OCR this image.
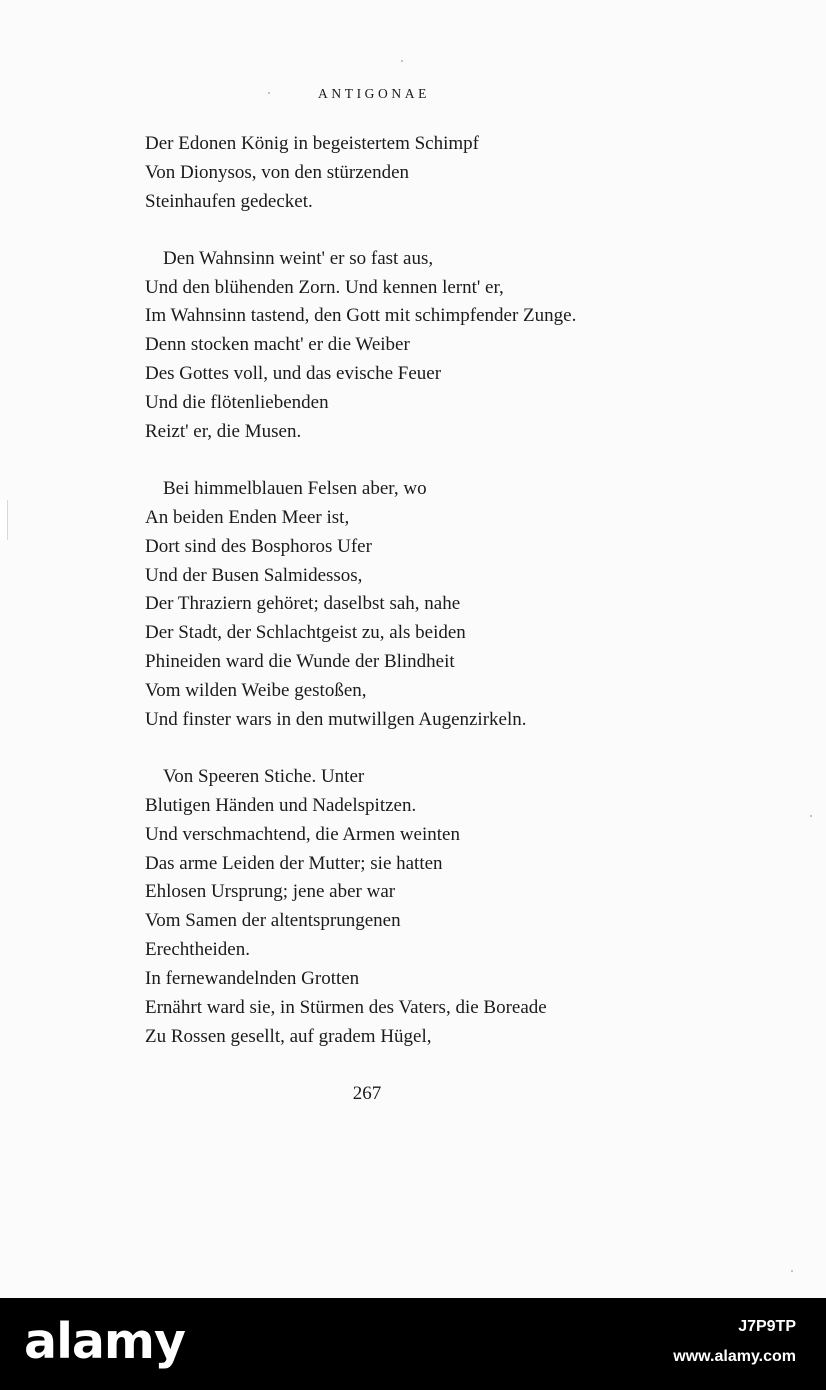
ANTIGONAE
Der Edonen König in begeistertem Schimpf
Von Dionysos, von den stürzenden
Steinhaufen gedecket.
Den Wahnsinn weint' er so fast aus,
Und den blühenden Zorn. Und kennen lernt' er,
Im Wahnsinn tastend, den Gott mit schimpfender Zunge.
Denn stocken macht' er die Weiber
Des Gottes voll, und das evische Feuer
Und die flötenliebenden
Reizt' er, die Musen.
Bei himmelblauen Felsen aber, wo
An beiden Enden Meer ist,
Dort sind des Bosphoros Ufer
Und der Busen Salmidessos,
Der Thraziern gehöret; daselbst sah, nahe
Der Stadt, der Schlachtgeist zu, als beiden
Phineiden ward die Wunde der Blindheit
Vom wilden Weibe gestoßen,
Und finster wars in den mutwillgen Augenzirkeln.
Von Speeren Stiche. Unter
Blutigen Händen und Nadelspitzen.
Und verschmachtend, die Armen weinten
Das arme Leiden der Mutter; sie hatten
Ehlosen Ursprung; jene aber war
Vom Samen der altentsprungenen
Erechtheiden.
In fernewandelnden Grotten
Ernährt ward sie, in Stürmen des Vaters, die Boreade
Zu Rossen gesellt, auf gradem Hügel,
267
alamy	J7P9TP
www.alamy.com
